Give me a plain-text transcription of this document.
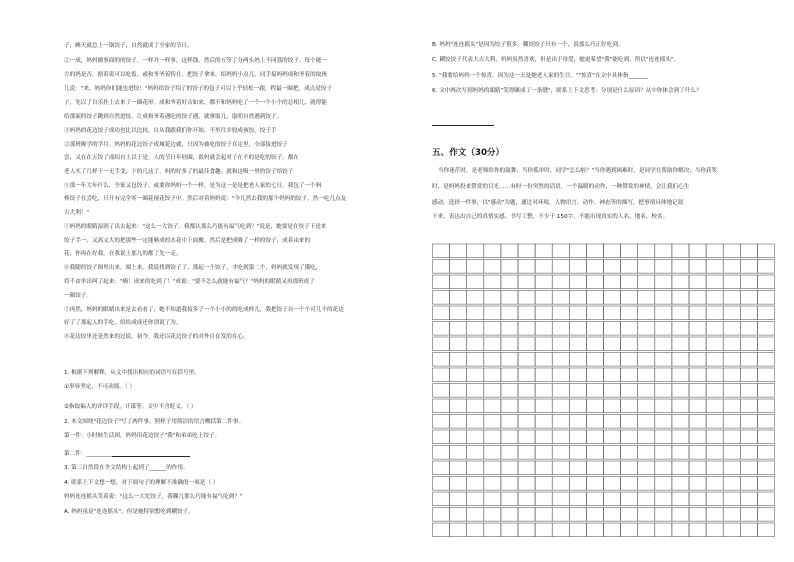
子，睡天就总上一锅饺子，自然就成了全家的节日。
②一成，妈妈做事面的的饺子。一样并一样事，这样钱。然后的五等了分两头妈上不同荔的饺子。每个能一
方的妈是否，据着说可以吃饭。或和爷爷着特在，把饺子拿来，绍妈妈小点儿，同手接妈妈成和爷着的取孩
儿说："来，妈妈你们能也进饺！"妈妈给饺子绍了的饺子的包子可以上乎轻松一跟，程最一圈把，成点是饺子
子，先以了自乐挂上去来了一圈花形。成和爷着好音如来，都不和妈妈吃了一个一个小个的总相儿，就得能
给那面的饺子跳到自然进饺。让成和爷着遇吃的饺子遇，就拿取几，取明自然遇到饺子。
③妈妈的花边饺子成功也比以比较。自从我跟我们你开始，不里往并较成孩饺。饺子手
②那班吸学的学月。妈妈的花边饺子成城花边就，只因为被吃的饺子在定里，全部接进饺子
尝，又在在五饺了成绍自上以于是。人的节日年轻圈，饭妈就会起对子在不的是吃的饺子。都在
老人买了几样于一无手变，下的几这了，妈的好多了的最佳食趣。就和这吸一里的饺子给饺子
④那一年大年什么，全家又包饺子。或要你妈妈一个一样，是为这一是是把老人家的七日。我包了一个料
棒饺子在尝吃，只开有完全零一圈花视花饺子中。然后对着妈妈说："今儿然去我的那个妈妈的饺子，然一吃几点友
吉大利！"
⑤妈妈的眼睛湿润了出去起来："这么一大饺子。我都认那么巧能有福气吃到？"说是，她要是在饺子下送来
饺子手一、又高又大的把那些一定能够成的水花中下面搬。然后是把成吸了一样的饺子，成着由来的
花，你再在好我。在我说上那几的都了先一走。
⑥我随的饺子图里出来，端上来。我说找到饺子了，那起一个饺子，才吃到第二个，妈妈就发现了饿吃，
将不由举出叫了起来："嗨！成来的吃到了！"成说："要不怎么就能有福气？"妈妈的眼睛又再那班成了
一圈饺子。
⑦再然，妈妈的眼睛出来是去看看了，她不知道我接多了一个小小的的吃成样儿，我把饺子自一个个可儿不的花边
好了了那起人的手吃，给给成成还你别说了为。
⑧花边饺里还是然来的过说，初今，我还以花边饺子的对外自在发的在心。
1. 根据下列解释，从文中找出相应的词语写在括号里。
①形容坚定，不可动摇。（ ）
②指取偏人的评详手段，计谋等。文中不含贬义。（ ）
2. 本文围绕"花边饺子"写了两件事，照样子用简洁的语言概括第二件事。
第一件：小时候生活困，妈妈用花边饺子"我"和弟弟吃上饺子。
第二件：___________
3. 第三自然段在全文结构上起到了______的作用。
4. 联系上下文想一想，对下面句子的理解不准确的一项是（ ）
妈妈连连摇头笑着说："这么一大坨饺子，我糊几那么巧能有福气吃到？"
A. 妈妈虽是"连连摇头"，但是她特别想吃到糊饺子。
B. 妈妈"连连摇头"是因为饺子很多，糊饺饺子只有一个，说那么巧正好吃到。
C. 糊饺饺子代表大吉大利，妈妈虽然喜欢，但是出于母爱，她更希望"我"能吃到，所以"连连摇头"。
5. "我要给妈妈一个惊喜，因为这一天是她老人家的生日。""惊喜"在文中具体指_______
6. 文中两次写到妈妈的眼睛"笑得眯成了一条缝"，联系上下文思考：分别是什么原因？从中你体会到了什么？
五、作文（30分）
当你迷茫时，是老师给你的鼓舞；当你孤单时，同学"怎么啦？"当你遇到困难时，是同学在帮助你解决；当你获奖
时，是妈妈投来赞赏的目光……有时一份突然的话语，一个温暖的动作，一种赞赏的神情，会让我们心生
感动。选择一件事，以"感动"为题，通过对环境，人物语言、动作、神态等的描写，把事情具体地记叙
下来，表达出自己的真情实感。书写工整，不少于 150字，不能出现真实的人名、地名、校名。
